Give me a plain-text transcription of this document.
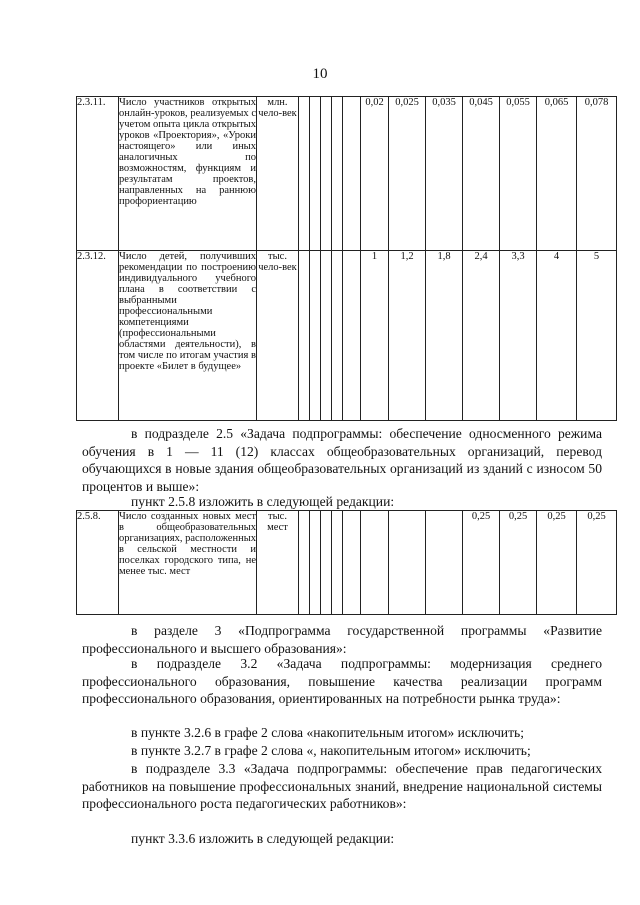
10
2.3.11.	Число участников открытых онлайн-уроков, реализуемых с учетом опыта цикла открытых уроков «Проектория», «Уроки настоящего» или иных аналогичных по возможностям, функциям и результатам проектов, направленных на раннюю профориентацию	млн. чело-век						0,02	0,025	0,035	0,045	0,055	0,065	0,078
2.3.12.	Число детей, получивших рекомендации по построению индивидуального учебного плана в соответствии с выбранными профессиональными компетенциями (профессиональными областями деятельности), в том числе по итогам участия в проекте «Билет в будущее»	тыс. чело-век						1	1,2	1,8	2,4	3,3	4	5
в подразделе 2.5 «Задача подпрограммы: обеспечение односменного режима обучения в 1 — 11 (12) классах общеобразовательных организаций, перевод обучающихся в новые здания общеобразовательных организаций из зданий с износом 50 процентов и выше»:
пункт 2.5.8 изложить в следующей редакции:
2.5.8.	Число созданных новых мест в общеобразовательных организациях, расположенных в сельской местности и поселках городского типа, не менее тыс. мест	тыс. мест									0,25	0,25	0,25	0,25
в разделе 3 «Подпрограмма государственной программы «Развитие профессионального и высшего образования»:
в подразделе 3.2 «Задача подпрограммы: модернизация среднего профессионального образования, повышение качества реализации программ профессионального образования, ориентированных на потребности рынка труда»:
в пункте 3.2.6 в графе 2 слова «накопительным итогом» исключить;
в пункте 3.2.7 в графе 2 слова «, накопительным итогом» исключить;
в подразделе 3.3 «Задача подпрограммы: обеспечение прав педагогических работников на повышение профессиональных знаний, внедрение национальной системы профессионального роста педагогических работников»:
пункт 3.3.6 изложить в следующей редакции:
